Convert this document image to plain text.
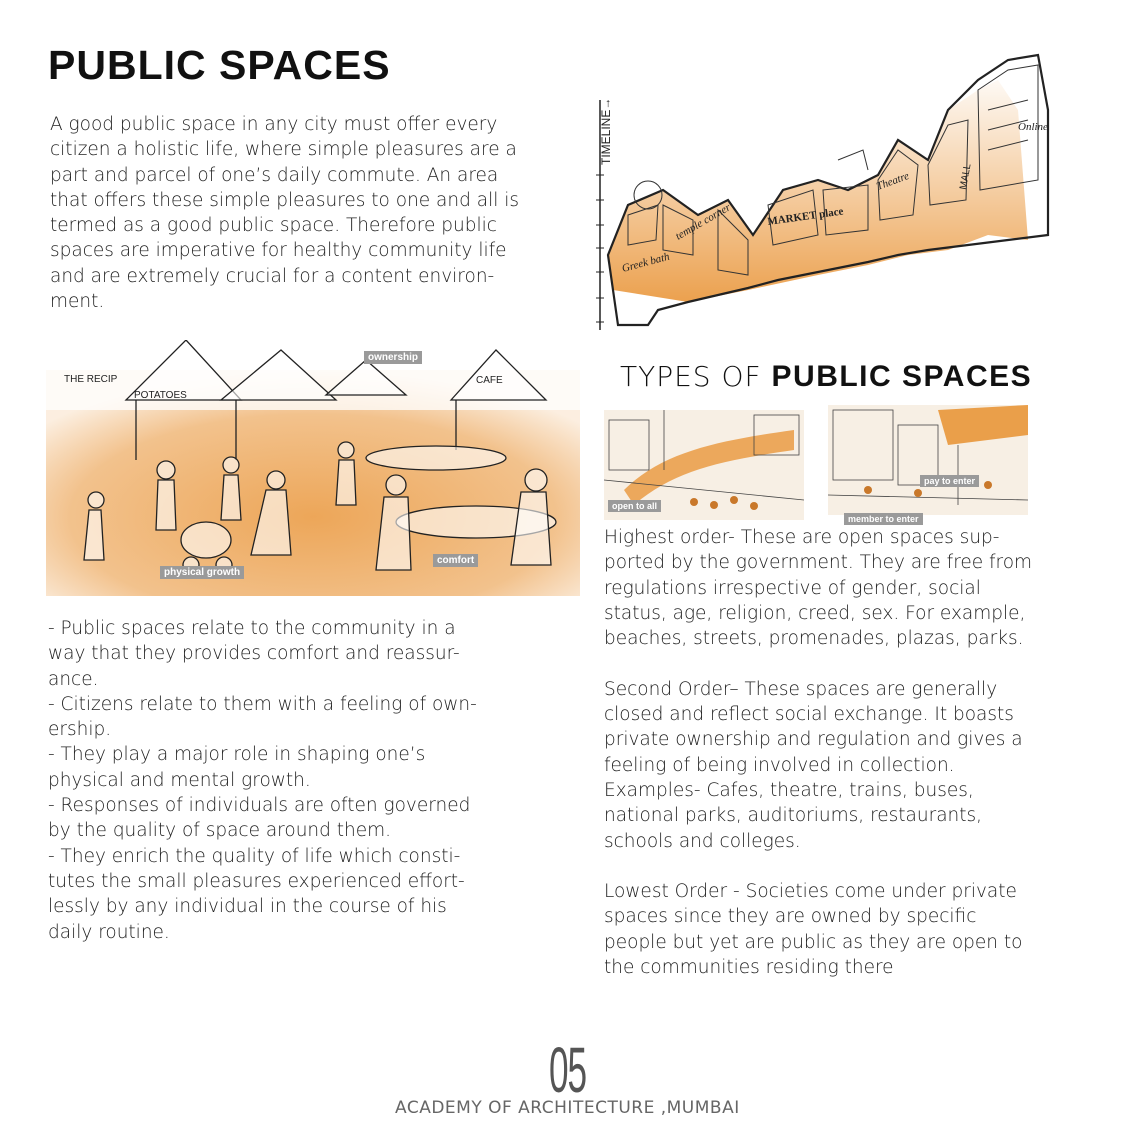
PUBLIC SPACES
A good public space in any city must offer every
citizen a holistic life, where simple pleasures are a
part and parcel of one’s daily commute. An area
that offers these simple pleasures to one and all is
termed as a good public space. Therefore public
spaces are imperative for healthy community life
and are extremely crucial for a content environ-
ment.
TIMELINE→
Greek bath
temple corner	MARKET place
Theatre	MALL
Online
THE RECIP
POTATOES
CAFE
ownership
comfort
physical growth
- Public spaces relate to the community in a
way that they provides comfort and reassur-
ance.
- Citizens relate to them with a feeling of own-
ership.
- They play a major role in shaping one’s
physical and mental growth.
- Responses of individuals are often governed
by the quality of space around them.
- They enrich the quality of life which consti-
tutes the small pleasures experienced effort-
lessly by any individual in the course of his
daily routine.
TYPES OF PUBLIC SPACES
open to all
pay to enter
member to enter
Highest order- These are open spaces sup-
ported by the government. They are free from
regulations irrespective of gender, social
status, age, religion, creed, sex. For example,
beaches, streets, promenades, plazas, parks.

Second Order– These spaces are generally
closed and reflect social exchange. It boasts
private ownership and regulation and gives a
feeling of being involved in collection.
Examples- Cafes, theatre, trains, buses,
national parks, auditoriums, restaurants,
schools and colleges.

Lowest Order - Societies come under private
spaces since they are owned by specific
people but yet are public as they are open to
the communities residing there
05
ACADEMY OF ARCHITECTURE ,MUMBAI
